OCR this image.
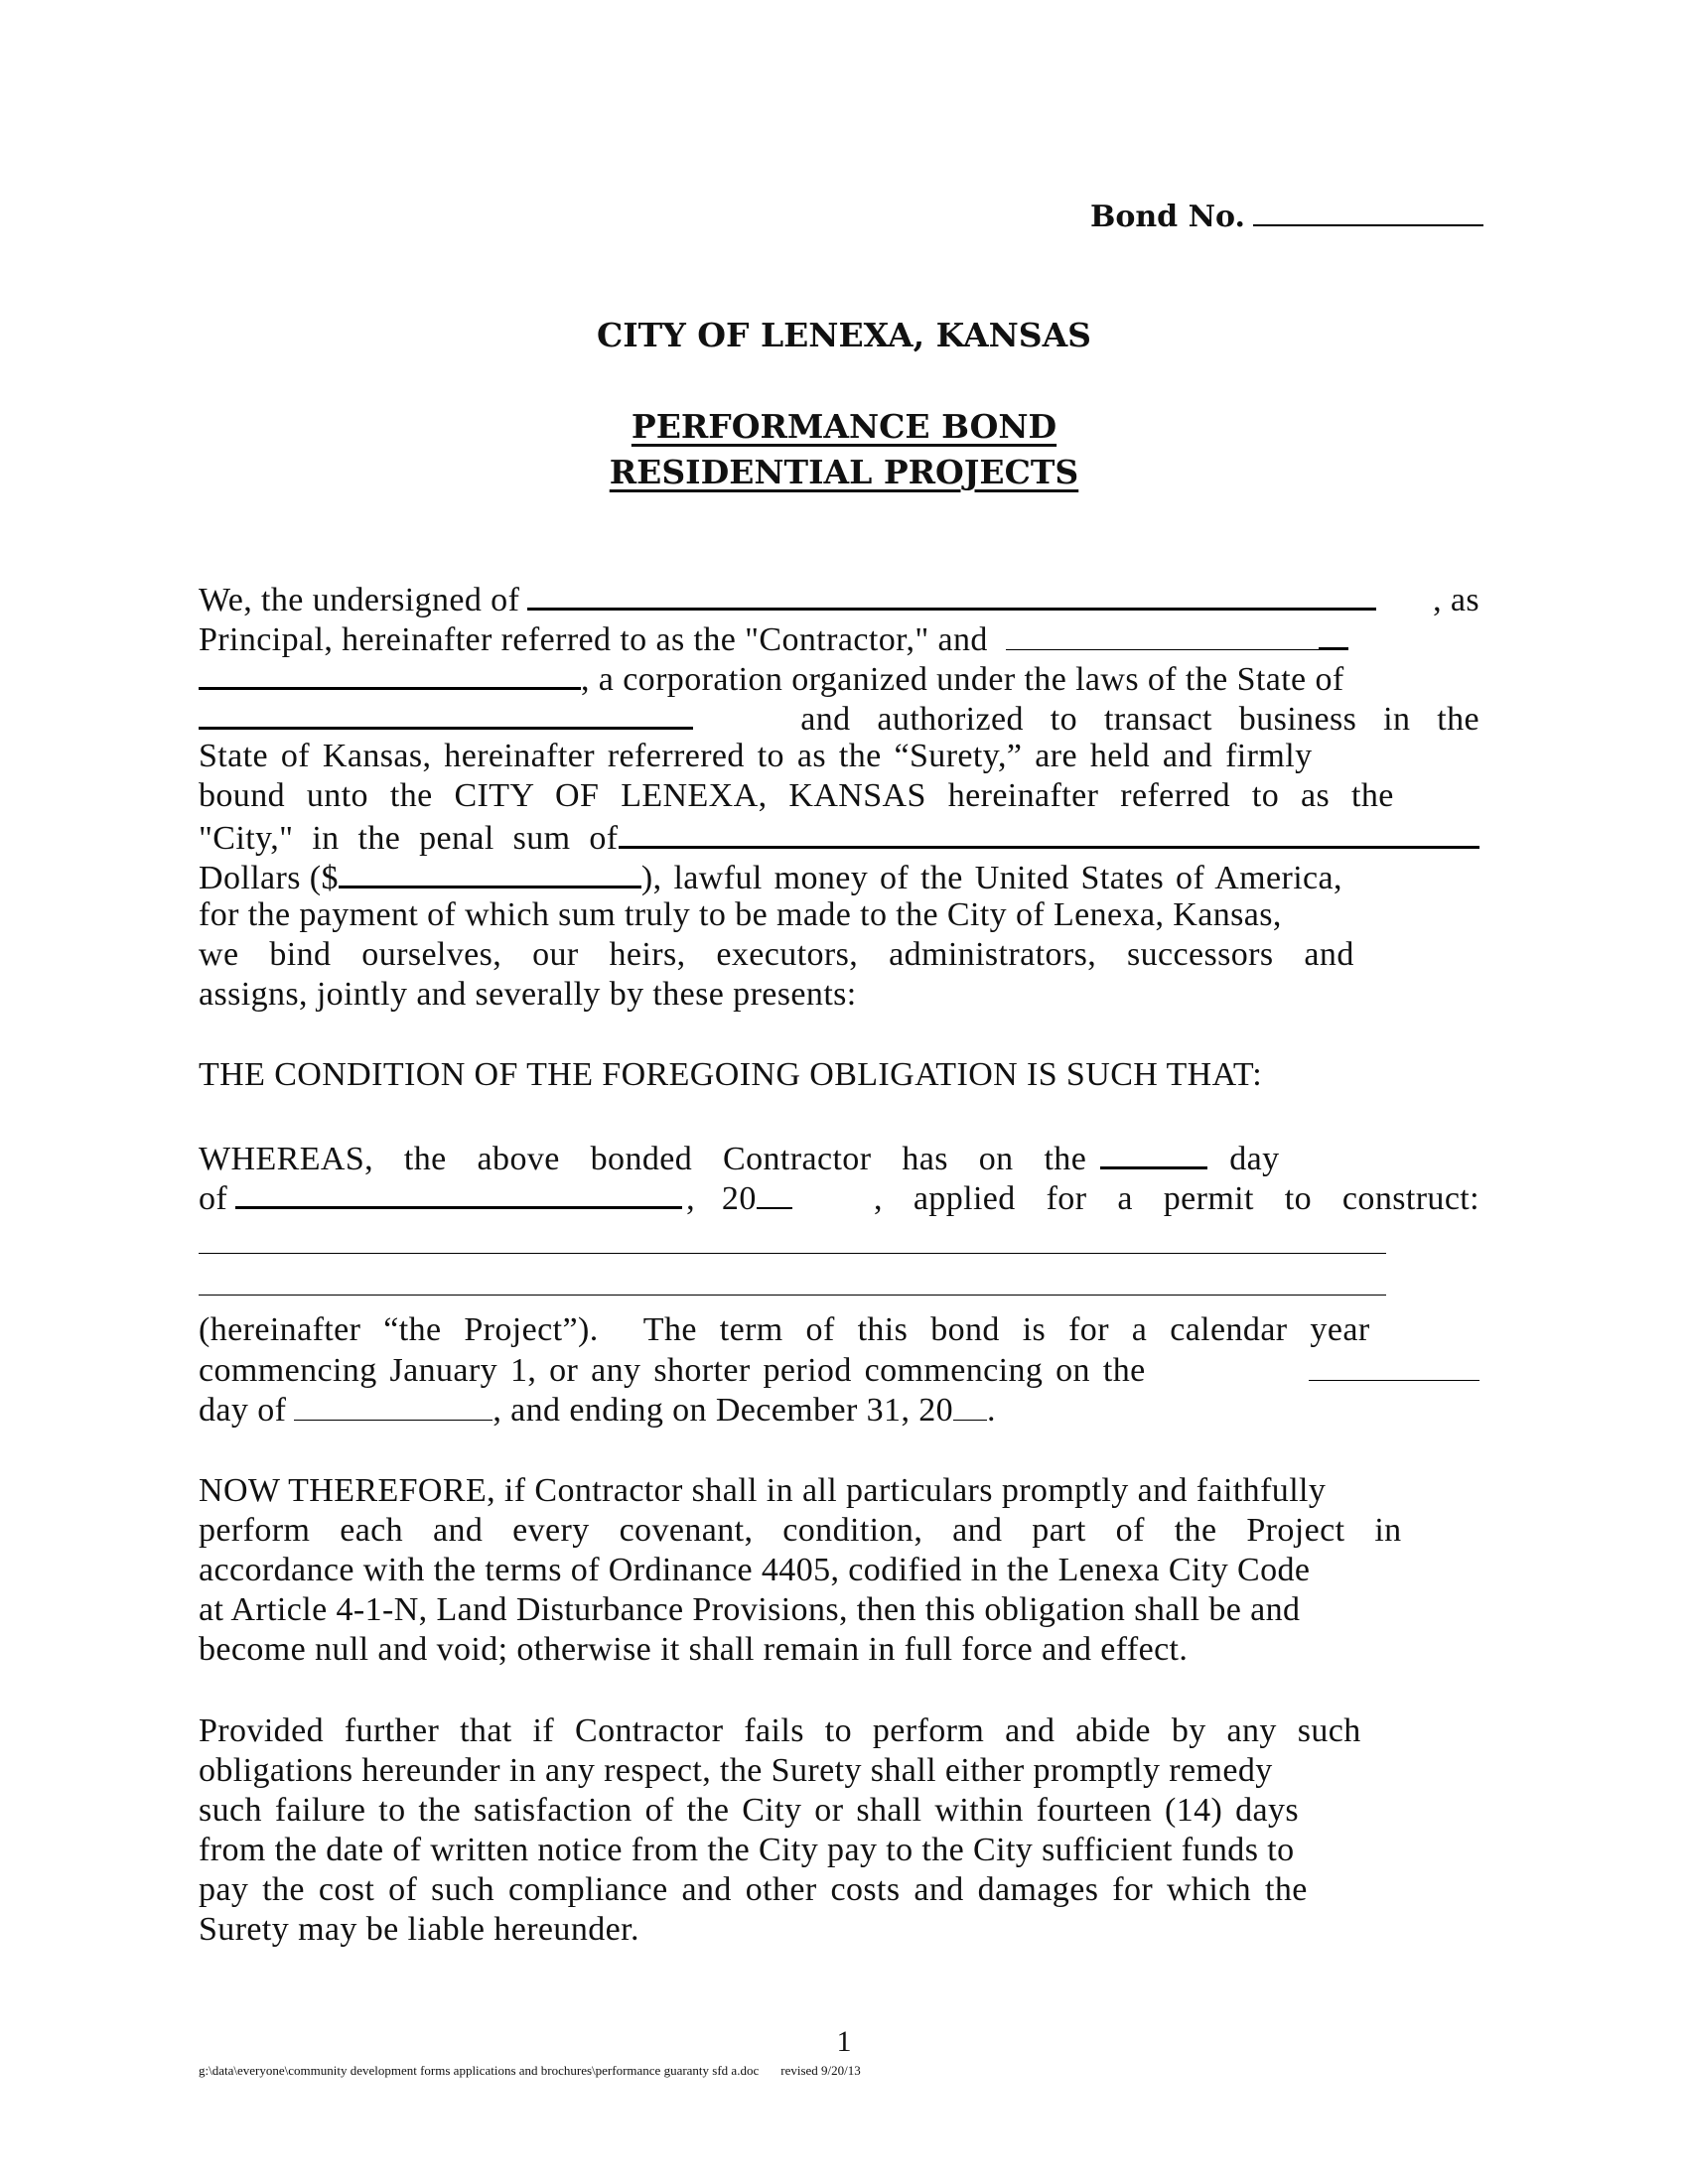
Bond No.
CITY OF LENEXA, KANSAS
PERFORMANCE BOND
RESIDENTIAL PROJECTS
We, the undersigned of	, as
Principal, hereinafter referred to as the "Contractor," and
, a corporation organized under the laws of the State of
and authorized to transact business in the
State of Kansas, hereinafter referrered to as the “Surety,” are held and firmly
bound unto the CITY OF LENEXA, KANSAS hereinafter referred to as the
"City," in the penal sum of
Dollars ($	), lawful money of the United States of America,
for the payment of which sum truly to be made to the City of Lenexa, Kansas,
we bind ourselves, our heirs, executors, administrators, successors and
assigns, jointly and severally by these presents:
THE CONDITION OF THE FOREGOING OBLIGATION IS SUCH THAT:
WHEREAS, the above bonded Contractor has on the	day
of	, 20	, applied for a permit to construct:
(hereinafter “the Project”).  The term of this bond is for a calendar year
commencing January 1, or any shorter period commencing on the
day of	, and ending on December 31, 20 .
NOW THEREFORE, if Contractor shall in all particulars promptly and faithfully
perform each and every covenant, condition, and part of the Project in
accordance with the terms of Ordinance 4405, codified in the Lenexa City Code
at Article 4-1-N, Land Disturbance Provisions, then this obligation shall be and
become null and void; otherwise it shall remain in full force and effect.
Provided further that if Contractor fails to perform and abide by any such
obligations hereunder in any respect, the Surety shall either promptly remedy
such failure to the satisfaction of the City or shall within fourteen (14) days
from the date of written notice from the City pay to the City sufficient funds to
pay the cost of such compliance and other costs and damages for which the
Surety may be liable hereunder.
1
g:\data\everyone\community development forms applications and brochures\performance guaranty sfd a.doc revised 9/20/13
